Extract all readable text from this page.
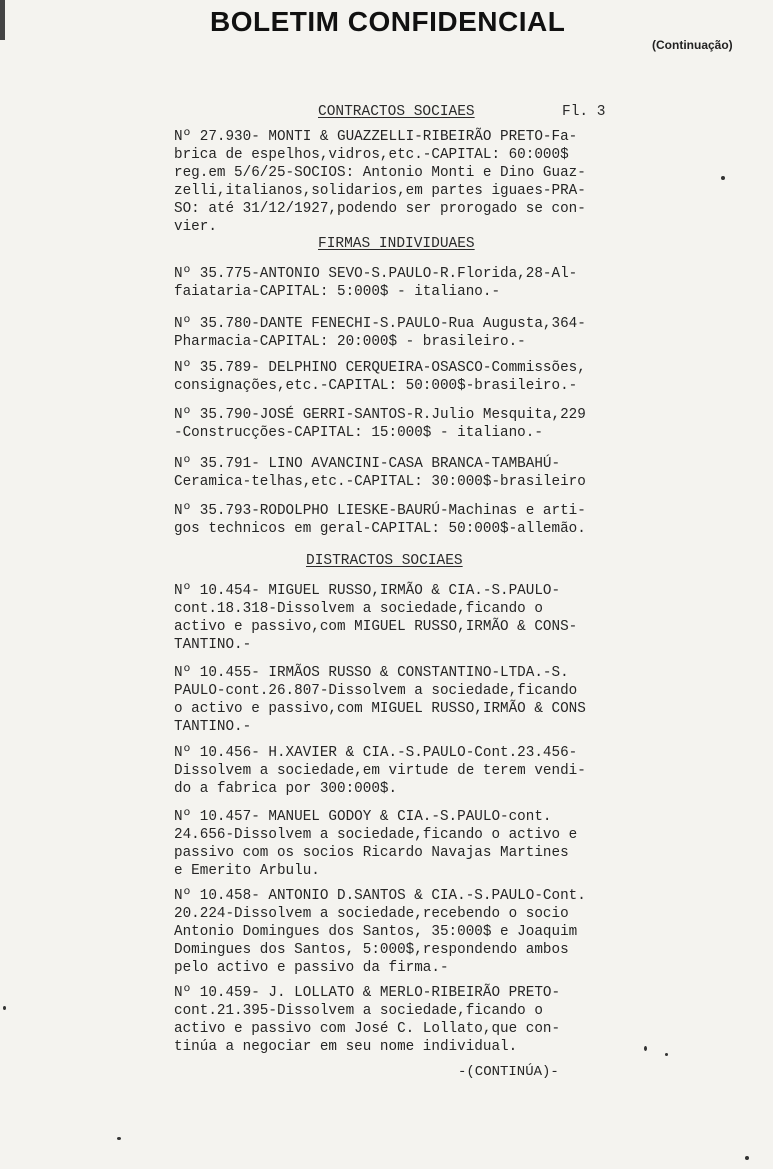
BOLETIM CONFIDENCIAL
(Continuação)
CONTRACTOS SOCIAES	Fl. 3
Nº 27.930- MONTI & GUAZZELLI-RIBEIRÃO PRETO-Fa-
brica de espelhos,vidros,etc.-CAPITAL: 60:000$
reg.em 5/6/25-SOCIOS: Antonio Monti e Dino Guaz-
zelli,italianos,solidarios,em partes iguaes-PRA-
SO: até 31/12/1927,podendo ser prorogado se con-
vier.
FIRMAS INDIVIDUAES
Nº 35.775-ANTONIO SEVO-S.PAULO-R.Florida,28-Al-
faiataria-CAPITAL: 5:000$ - italiano.-
Nº 35.780-DANTE FENECHI-S.PAULO-Rua Augusta,364-
Pharmacia-CAPITAL: 20:000$ - brasileiro.-
Nº 35.789- DELPHINO CERQUEIRA-OSASCO-Commissões,
consignações,etc.-CAPITAL: 50:000$-brasileiro.-
Nº 35.790-JOSÉ GERRI-SANTOS-R.Julio Mesquita,229
-Construcções-CAPITAL: 15:000$ - italiano.-
Nº 35.791- LINO AVANCINI-CASA BRANCA-TAMBAHÚ-
Ceramica-telhas,etc.-CAPITAL: 30:000$-brasileiro
Nº 35.793-RODOLPHO LIESKE-BAURÚ-Machinas e arti-
gos technicos em geral-CAPITAL: 50:000$-allemão.
DISTRACTOS SOCIAES
Nº 10.454- MIGUEL RUSSO,IRMÃO & CIA.-S.PAULO-
cont.18.318-Dissolvem a sociedade,ficando o
activo e passivo,com MIGUEL RUSSO,IRMÃO & CONS-
TANTINO.-
Nº 10.455- IRMÃOS RUSSO & CONSTANTINO-LTDA.-S.
PAULO-cont.26.807-Dissolvem a sociedade,ficando
o activo e passivo,com MIGUEL RUSSO,IRMÃO & CONS
TANTINO.-
Nº 10.456- H.XAVIER & CIA.-S.PAULO-Cont.23.456-
Dissolvem a sociedade,em virtude de terem vendi-
do a fabrica por 300:000$.
Nº 10.457- MANUEL GODOY & CIA.-S.PAULO-cont.
24.656-Dissolvem a sociedade,ficando o activo e
passivo com os socios Ricardo Navajas Martines
e Emerito Arbulu.
Nº 10.458- ANTONIO D.SANTOS & CIA.-S.PAULO-Cont.
20.224-Dissolvem a sociedade,recebendo o socio
Antonio Domingues dos Santos, 35:000$ e Joaquim
Domingues dos Santos, 5:000$,respondendo ambos
pelo activo e passivo da firma.-
Nº 10.459- J. LOLLATO & MERLO-RIBEIRÃO PRETO-
cont.21.395-Dissolvem a sociedade,ficando o
activo e passivo com José C. Lollato,que con-
tinúa a negociar em seu nome individual.
-(CONTINÚA)-
